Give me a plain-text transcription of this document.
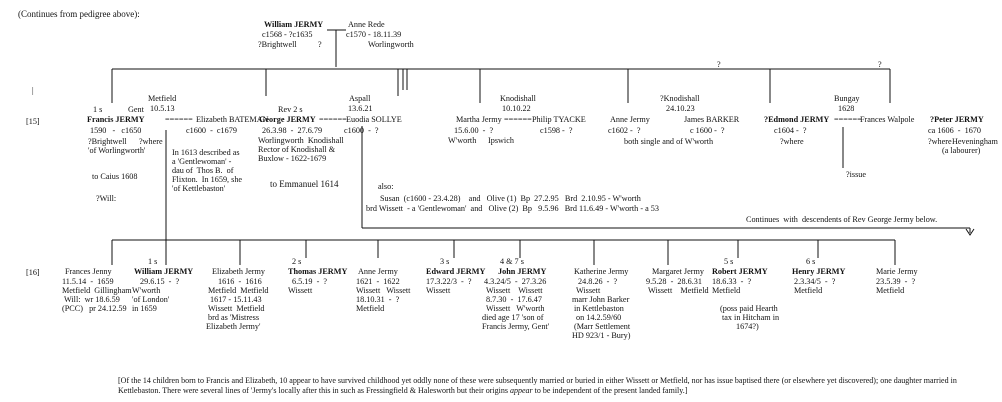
(Continues from pedigree above):
|
William JERMY
c1568 - ?c1635
?Brightwell	?
Anne Rede
c1570 - 18.11.39
Worlingworth
?	?
[15]
[16]
1 s	Gent
Metfield
10.5.13
Francis JERMY ======
1590   -   c1650
?Brightwell ?where
'of Worlingworth'
to Caius 1608
?Will:
Elizabeth BATEMAN
c1600  -  c1679
In 1613 described as
a 'Gentlewoman' -
dau of  Thos B.  of
Flixton.  In 1659, she
'of Kettlebaston'
Rev 2 s
George JERMY ======
26.3.98  -  27.6.79
Worlingworth  Knodishall
Rector of Knodishall &
Buxlow - 1622-1679
to Emmanuel 1614
Aspall
13.6.21
Euodia SOLLYE
c1600  -  ?
Martha Jermy ======
15.6.00  -  ?
W'worth Ipswich
Knodishall
10.10.22
Philip TYACKE
c1598 -  ?
Anne Jermy
c1602 -  ?
both single and of W'worth
?Knodishall
24.10.23
James BARKER
c 1600 -  ?
?Edmond JERMY ======
c1604 -  ?
?where
Bungay
1628
Frances Walpole
?issue
?Peter JERMY
ca 1606  -  1670
?where Heveningham
(a labourer)
also:
Susan  (c1600 - 23.4.28)    and   Olive (1)  Bp  27.2.95   Brd  2.10.95 - W'worth
brd Wissett  - a 'Gentlewoman'  and   Olive (2)  Bp   9.5.96   Brd 11.6.49 - W'worth - a 53
Continues  with  descendents of Rev George Jermy below.
Frances Jenny
11.5.14  -  1659
Metfield  Gillingham
Will:  wr 18.6.59
(PCC)   pr 24.12.59
1 s
William JERMY
29.6.15  -  ?
W'worth
'of London'
in 1659
Elizabeth Jermy
1616  -  1616
Metfield  Metfield
1617 - 15.11.43
Wissett  Metfield
brd as 'Mistress
Elizabeth Jermy'
2 s
Thomas JERMY
6.5.19  -  ?
Wissett
Anne Jermy
1621  -  1622
Wissett   Wissett
18.10.31  -  ?
Metfield
3 s
Edward JERMY
17.3.22/3  -  ?
Wissett
4 & 7 s
John JERMY
4.3.24/5  -  27.3.26
Wissett    Wissett
8.7.30  -  17.6.47
Wissett   W'worth
died age 17 'son of
Francis Jermy, Gent'
Katherine Jermy
24.8.26  -  ?
Wissett
marr John Barker
in Kettlebaston
on 14.2.59/60
(Marr Settlement
HD 923/1 - Bury)
Margaret Jermy
9.5.28  -  28.6.31
Wissett    Metfield
5 s
Robert JERMY
18.6.33  -  ?
Metfield
(poss paid Hearth
tax in Hitcham in
1674?)
6 s
Henry JERMY
2.3.34/5  -  ?
Metfield
Marie Jermy
23.5.39  -  ?
Metfield
[Of the 14 children born to Francis and Elizabeth, 10 appear to have survived childhood yet oddly none of these were subsequently married or buried in either Wissett or Metfield, nor has issue baptised there (or elsewhere yet discovered); one daughter married in Kettlebaston. There were several lines of 'Jermy's locally after this in such as Fressingfield & Halesworth but their origins appear to be independent of the present landed family.]
